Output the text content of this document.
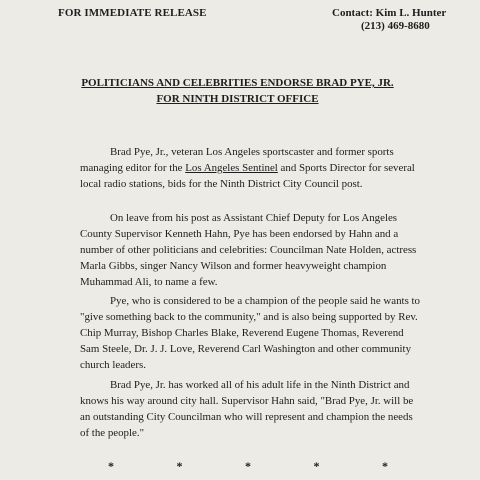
FOR IMMEDIATE RELEASE	Contact: Kim L. Hunter
(213) 469-8680
POLITICIANS AND CELEBRITIES ENDORSE BRAD PYE, JR.
FOR NINTH DISTRICT OFFICE

Brad Pye, Jr., veteran Los Angeles sportscaster and former sports managing editor for the Los Angeles Sentinel and Sports Director for several local radio stations, bids for the Ninth District City Council post.

On leave from his post as Assistant Chief Deputy for Los Angeles County Supervisor Kenneth Hahn, Pye has been endorsed by Hahn and a number of other politicians and celebrities: Councilman Nate Holden, actress Marla Gibbs, singer Nancy Wilson and former heavyweight champion Muhammad Ali, to name a few.

Pye, who is considered to be a champion of the people said he wants to "give something back to the community," and is also being supported by Rev. Chip Murray, Bishop Charles Blake, Reverend Eugene Thomas, Reverend Sam Steele, Dr. J. J. Love, Reverend Carl Washington and other community church leaders.

Brad Pye, Jr. has worked all of his adult life in the Ninth District and knows his way around city hall. Supervisor Hahn said, "Brad Pye, Jr. will be an outstanding City Councilman who will represent and champion the needs of the people."

*	*	*	*	*
